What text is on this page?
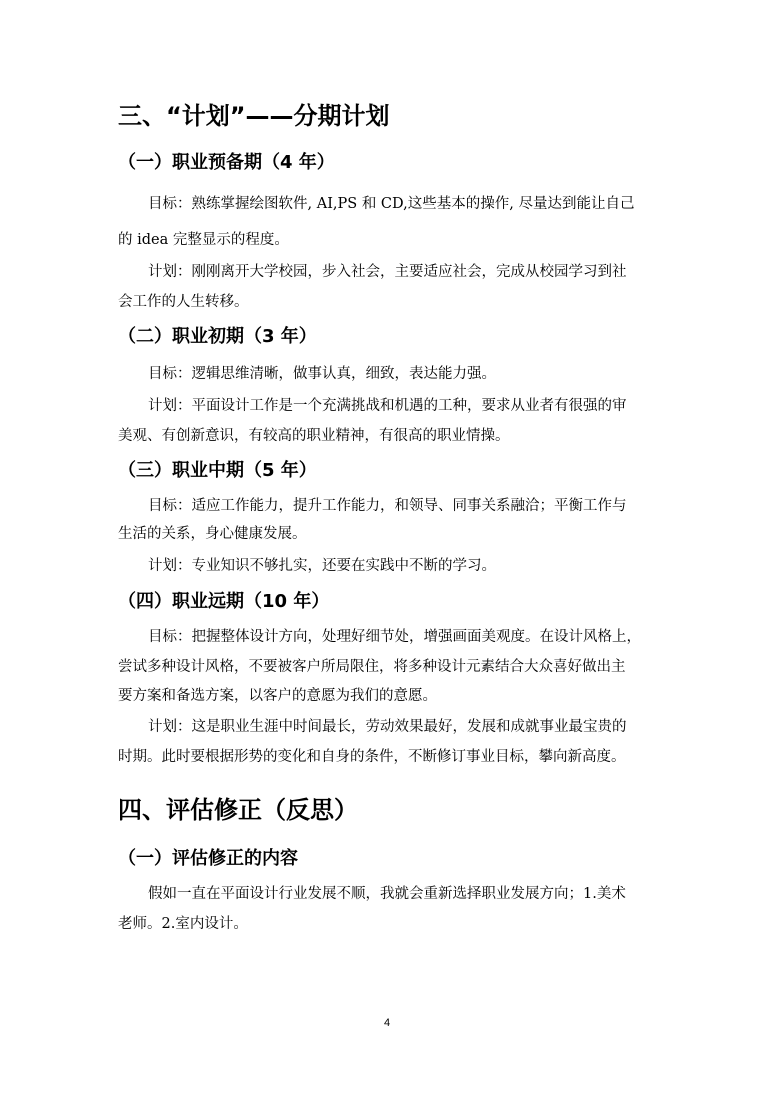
三、“计划”——分期计划
（一）职业预备期（4 年）
目标：熟练掌握绘图软件, AI,PS 和 CD,这些基本的操作, 尽量达到能让自己
的 idea 完整显示的程度。
计划：刚刚离开大学校园，步入社会，主要适应社会，完成从校园学习到社
会工作的人生转移。
（二）职业初期（3 年）
目标：逻辑思维清晰，做事认真，细致，表达能力强。
计划：平面设计工作是一个充满挑战和机遇的工种，要求从业者有很强的审
美观、有创新意识，有较高的职业精神，有很高的职业情操。
（三）职业中期（5 年）
目标：适应工作能力，提升工作能力，和领导、同事关系融洽；平衡工作与
生活的关系，身心健康发展。
计划：专业知识不够扎实，还要在实践中不断的学习。
（四）职业远期（10 年）
目标：把握整体设计方向，处理好细节处，增强画面美观度。在设计风格上，
尝试多种设计风格，不要被客户所局限住，将多种设计元素结合大众喜好做出主
要方案和备选方案，以客户的意愿为我们的意愿。
计划：这是职业生涯中时间最长，劳动效果最好，发展和成就事业最宝贵的
时期。此时要根据形势的变化和自身的条件，不断修订事业目标，攀向新高度。
四、评估修正（反思）
（一）评估修正的内容
假如一直在平面设计行业发展不顺，我就会重新选择职业发展方向；1.美术
老师。2.室内设计。
4
